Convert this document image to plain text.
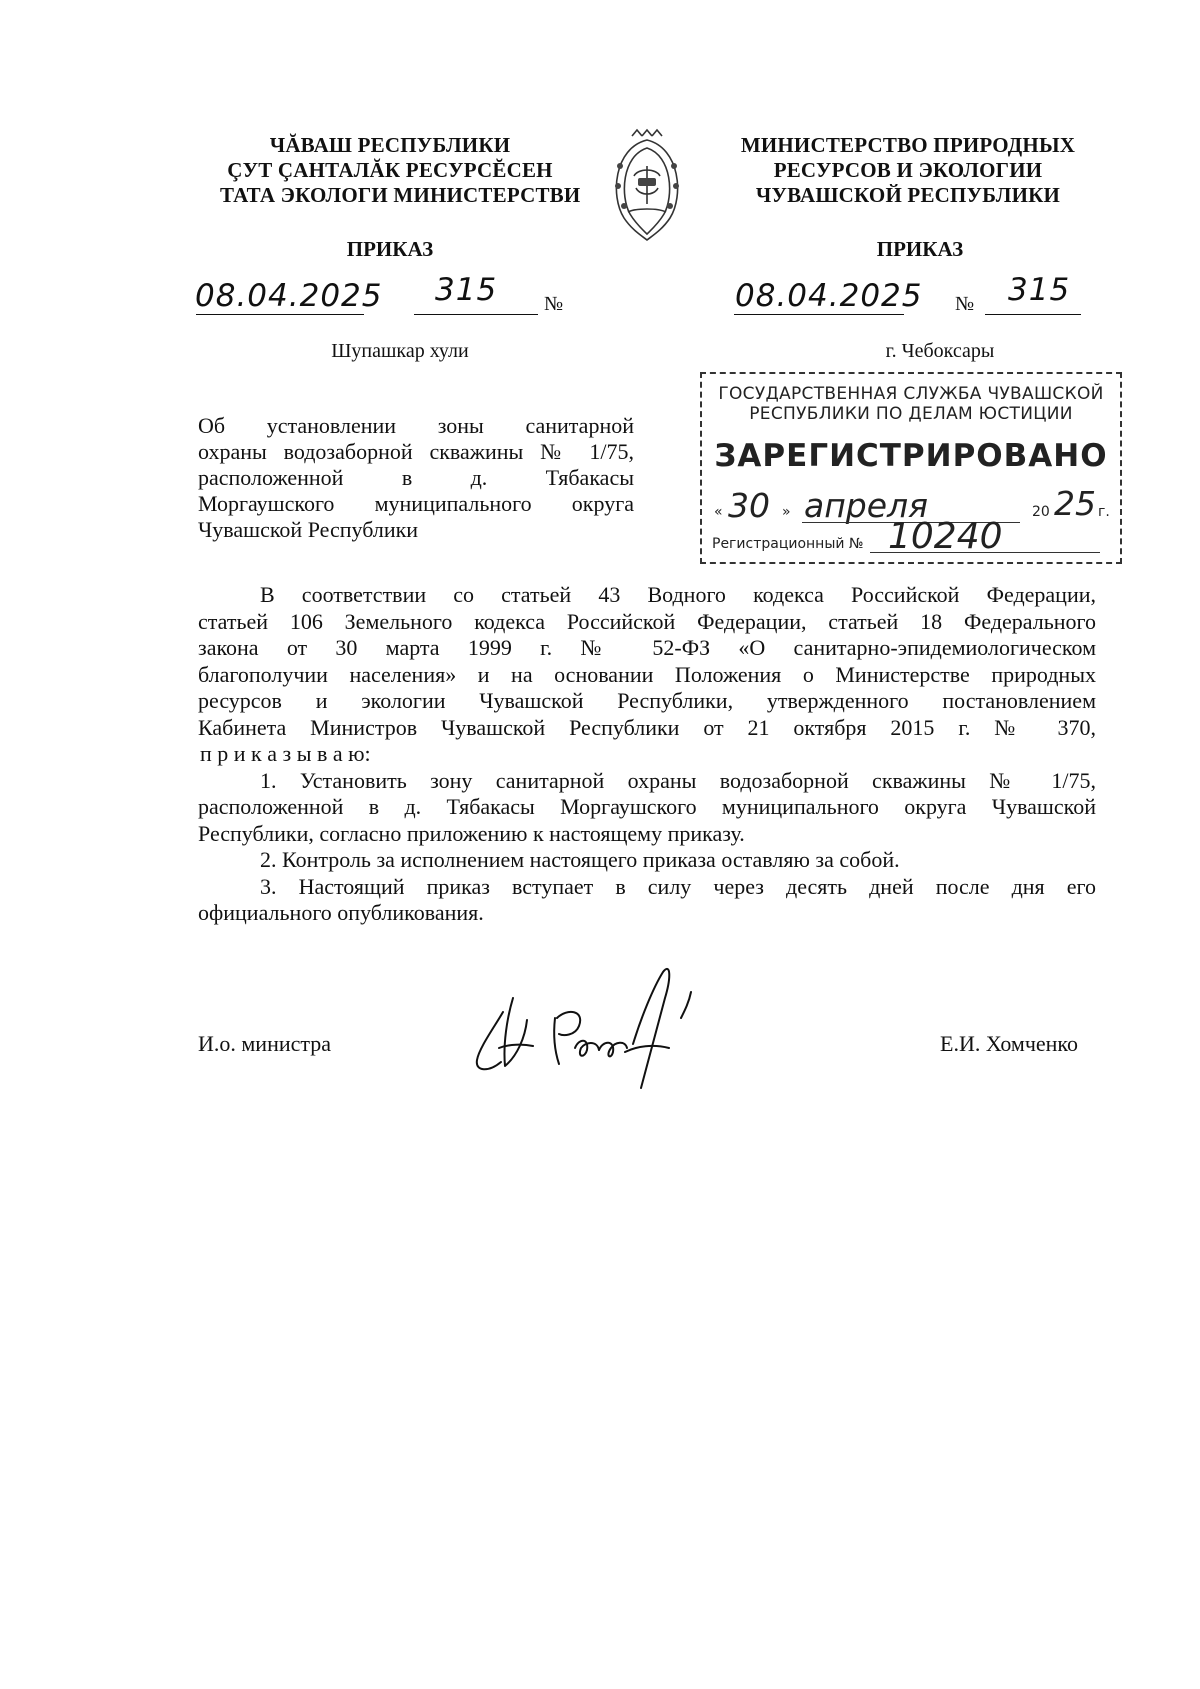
ЧĂВАШ РЕСПУБЛИКИ
ÇУТ ÇАНТАЛĂК РЕСУРСĔСЕН
ТАТА ЭКОЛОГИ МИНИСТЕРСТВИ
МИНИСТЕРСТВО ПРИРОДНЫХ
РЕСУРСОВ И ЭКОЛОГИИ
ЧУВАШСКОЙ РЕСПУБЛИКИ
ПРИКАЗ	ПРИКАЗ
08.04.2025 315 №	08.04.2025 № 315
Шупашкар хули	г. Чебоксары
ГОСУДАРСТВЕННАЯ СЛУЖБА ЧУВАШСКОЙ
РЕСПУБЛИКИ ПО ДЕЛАМ ЮСТИЦИИ
ЗАРЕГИСТРИРОВАНО
« 30 » апреля	20 25 г.
Регистрационный № 10240
Об установлении зоны санитарной
охраны водозаборной скважины № 1/75,
расположенной в д. Тябакасы
Моргаушского муниципального округа
Чувашской Республики
В соответствии со статьей 43 Водного кодекса Российской Федерации,
статьей 106 Земельного кодекса Российской Федерации, статьей 18 Федерального
закона от 30 марта 1999 г. № 52-ФЗ «О санитарно-эпидемиологическом
благополучии населения» и на основании Положения о Министерстве природных
ресурсов и экологии Чувашской Республики, утвержденного постановлением
Кабинета Министров Чувашской Республики от 21 октября 2015 г. № 370,
п р и к а з ы в а ю:
1. Установить зону санитарной охраны водозаборной скважины № 1/75,
расположенной в д. Тябакасы Моргаушского муниципального округа Чувашской
Республики, согласно приложению к настоящему приказу.
2. Контроль за исполнением настоящего приказа оставляю за собой.
3. Настоящий приказ вступает в силу через десять дней после дня его
официального опубликования.
И.о. министра	Е.И. Хомченко
